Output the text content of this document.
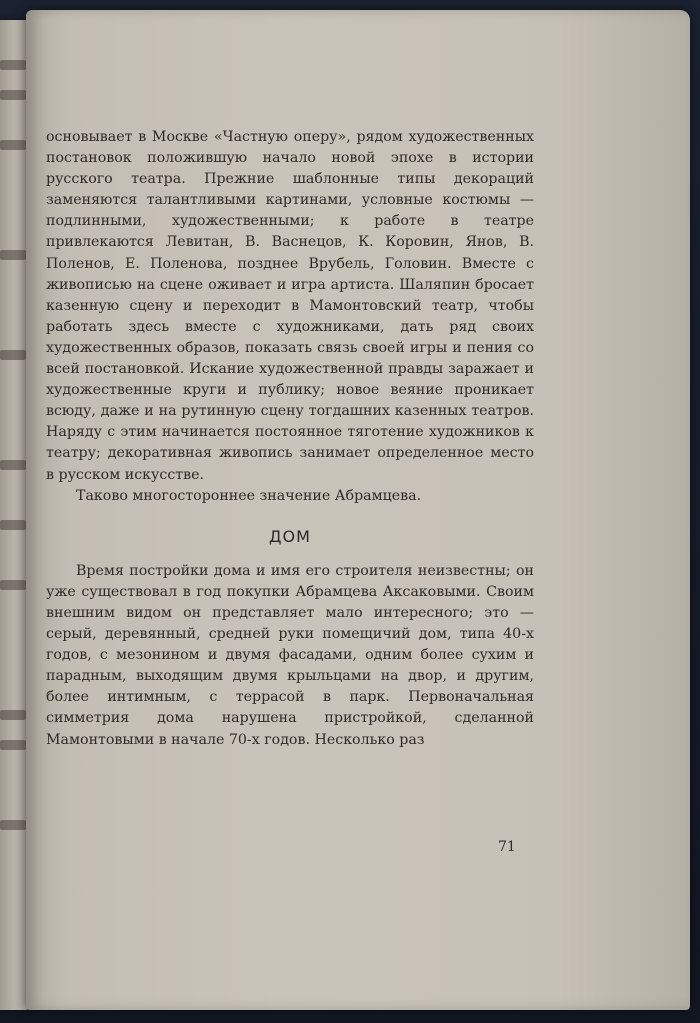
основывает в Москве «Частную оперу», рядом художественных постановок положившую начало новой эпохе в истории русского театра. Прежние шаблонные типы декораций заменяются талантливыми картинами, условные костюмы — подлинными, художественными; к работе в театре привлекаются Левитан, В. Васнецов, К. Коровин, Янов, В. Поленов, Е. Поленова, позднее Врубель, Головин. Вместе с живописью на сцене оживает и игра артиста. Шаляпин бросает казенную сцену и переходит в Мамонтовский театр, чтобы работать здесь вместе с художниками, дать ряд своих художественных образов, показать связь своей игры и пения со всей постановкой. Искание художественной правды заражает и художественные круги и публику; новое веяние проникает всюду, даже и на рутинную сцену тогдашних казенных театров. Наряду с этим начинается постоянное тяготение художников к театру; декоративная живопись занимает определенное место в русском искусстве.

Таково многостороннее значение Абрамцева.

ДОМ

Время постройки дома и имя его строителя неизвестны; он уже существовал в год покупки Абрамцева Аксаковыми. Своим внешним видом он представляет мало интересного; это — серый, деревянный, средней руки помещичий дом, типа 40-х годов, с мезонином и двумя фасадами, одним более сухим и парадным, выходящим двумя крыльцами на двор, и другим, более интимным, с террасой в парк. Первоначальная симметрия дома нарушена пристройкой, сделанной Мамонтовыми в начале 70-х годов. Несколько раз

71
